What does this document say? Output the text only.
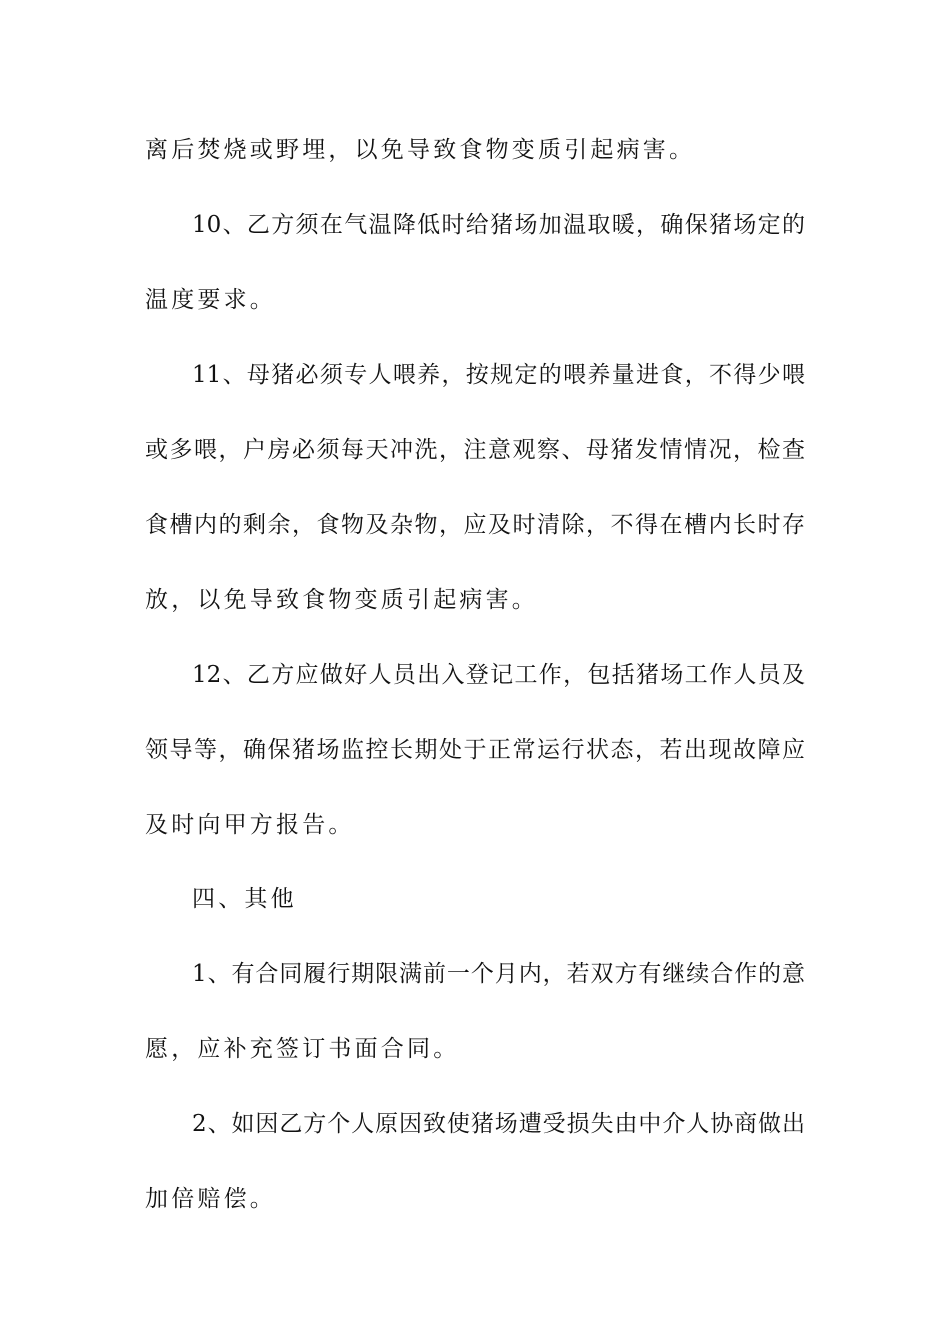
离后焚烧或野埋，以免导致食物变质引起病害。
10、乙方须在气温降低时给猪场加温取暖，确保猪场定的
温度要求。
11、母猪必须专人喂养，按规定的喂养量进食，不得少喂
或多喂，户房必须每天冲洗，注意观察、母猪发情情况，检查
食槽内的剩余，食物及杂物，应及时清除，不得在槽内长时存
放，以免导致食物变质引起病害。
12、乙方应做好人员出入登记工作，包括猪场工作人员及
领导等，确保猪场监控长期处于正常运行状态，若出现故障应
及时向甲方报告。
四、其他
1、有合同履行期限满前一个月内，若双方有继续合作的意
愿，应补充签订书面合同。
2、如因乙方个人原因致使猪场遭受损失由中介人协商做出
加倍赔偿。
